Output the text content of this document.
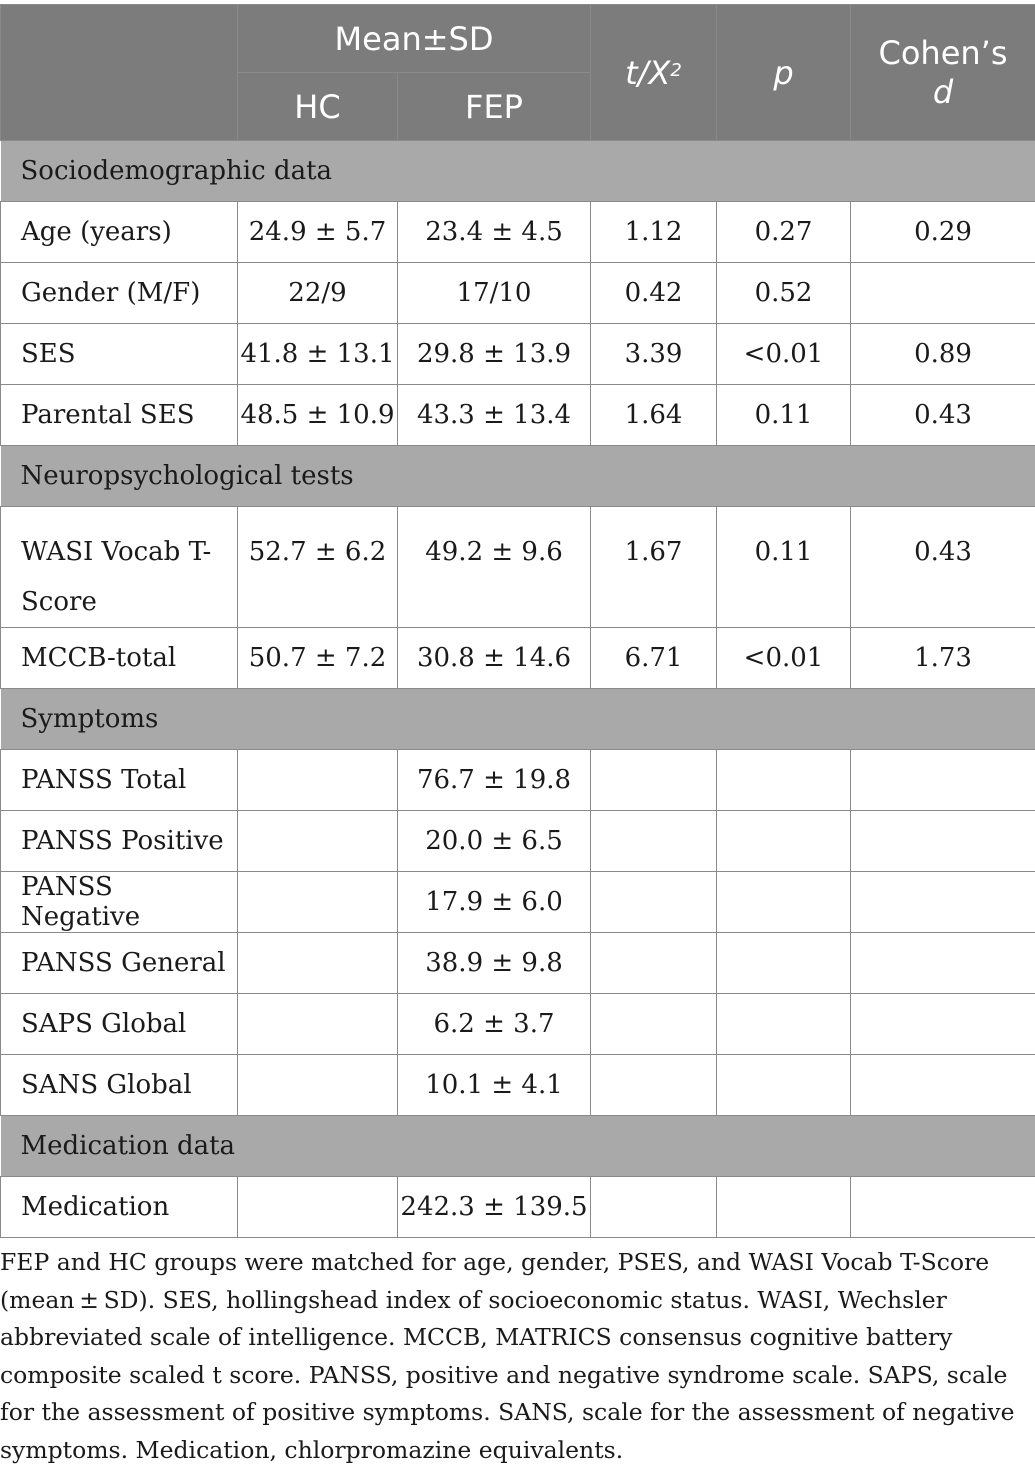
	Mean±SD		$t/X^2$	p	Cohen’s
d
	HC	FEP			
Sociodemographic data					
Age (years)	24.9 ± 5.7	23.4 ± 4.5	1.12	0.27	0.29
Gender (M/F)	22/9	17/10	0.42	0.52	
SES	41.8 ± 13.1	29.8 ± 13.9	3.39	<0.01	0.89
Parental SES	48.5 ± 10.9	43.3 ± 13.4	1.64	0.11	0.43
Neuropsychological tests					
WASI Vocab T-Score	52.7 ± 6.2	49.2 ± 9.6	1.67	0.11	0.43
MCCB-total	50.7 ± 7.2	30.8 ± 14.6	6.71	<0.01	1.73
Symptoms					
PANSS Total		76.7 ± 19.8			
PANSS Positive		20.0 ± 6.5			
PANSS Negative		17.9 ± 6.0			
PANSS General		38.9 ± 9.8			
SAPS Global		6.2 ± 3.7			
SANS Global		10.1 ± 4.1			
Medication data					
Medication		242.3 ± 139.5			
FEP and HC groups were matched for age, gender, PSES, and WASI Vocab T-Score (mean ± SD). SES, hollingshead index of socioeconomic status. WASI, Wechsler abbreviated scale of intelligence. MCCB, MATRICS consensus cognitive battery composite scaled t score. PANSS, positive and negative syndrome scale. SAPS, scale for the assessment of positive symptoms. SANS, scale for the assessment of negative symptoms. Medication, chlorpromazine equivalents.
